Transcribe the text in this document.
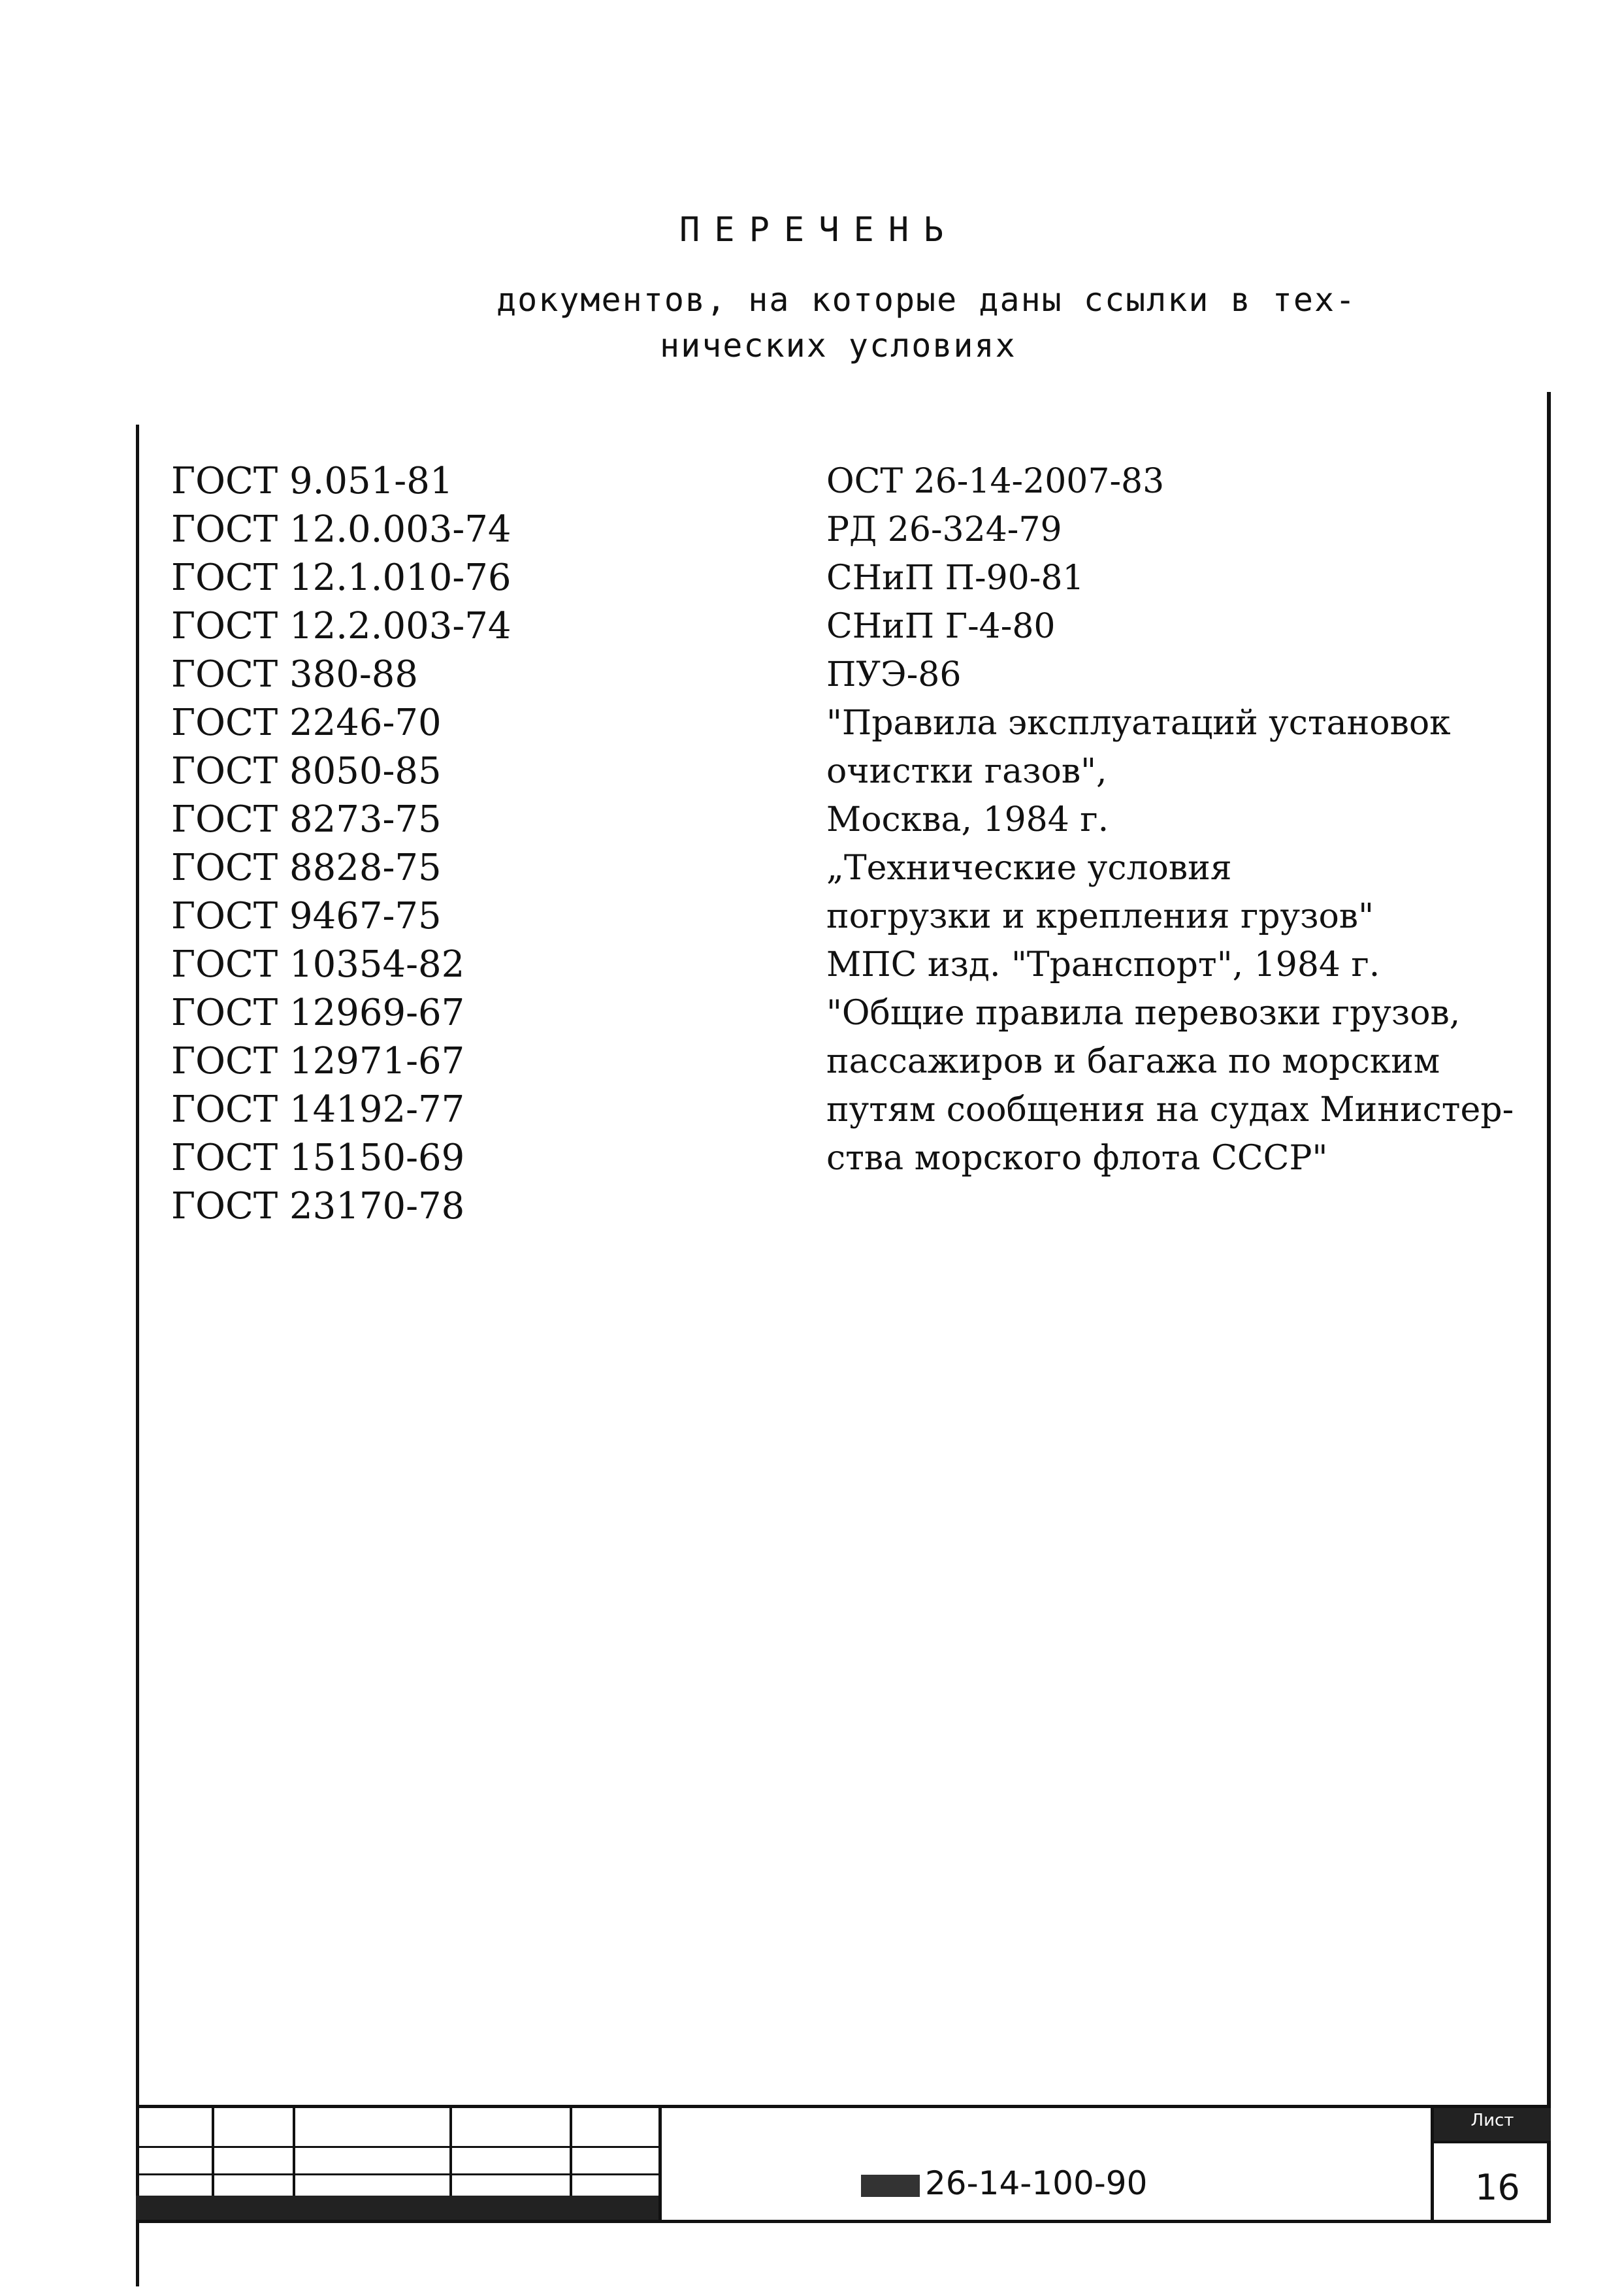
ПЕРЕЧЕНЬ
документов, на которые даны ссылки в тех-
нических условиях
ГОСТ 9.051-81
ГОСТ 12.0.003-74
ГОСТ 12.1.010-76
ГОСТ 12.2.003-74
ГОСТ 380-88
ГОСТ 2246-70
ГОСТ 8050-85
ГОСТ 8273-75
ГОСТ 8828-75
ГОСТ 9467-75
ГОСТ 10354-82
ГОСТ 12969-67
ГОСТ 12971-67
ГОСТ 14192-77
ГОСТ 15150-69
ГОСТ 23170-78
ОСТ 26-14-2007-83
РД 26-324-79
СНиП П-90-81
СНиП Г-4-80
ПУЭ-86
"Правила эксплуатаций установок
очистки газов",
Москва, 1984 г.
„Технические условия
погрузки и крепления грузов"
МПС изд. "Транспорт", 1984 г.
"Общие правила перевозки грузов,
пассажиров и багажа по морским
путям сообщения на судах Министер-
ства морского флота СССР"
26-14-100-90
Лист
16
